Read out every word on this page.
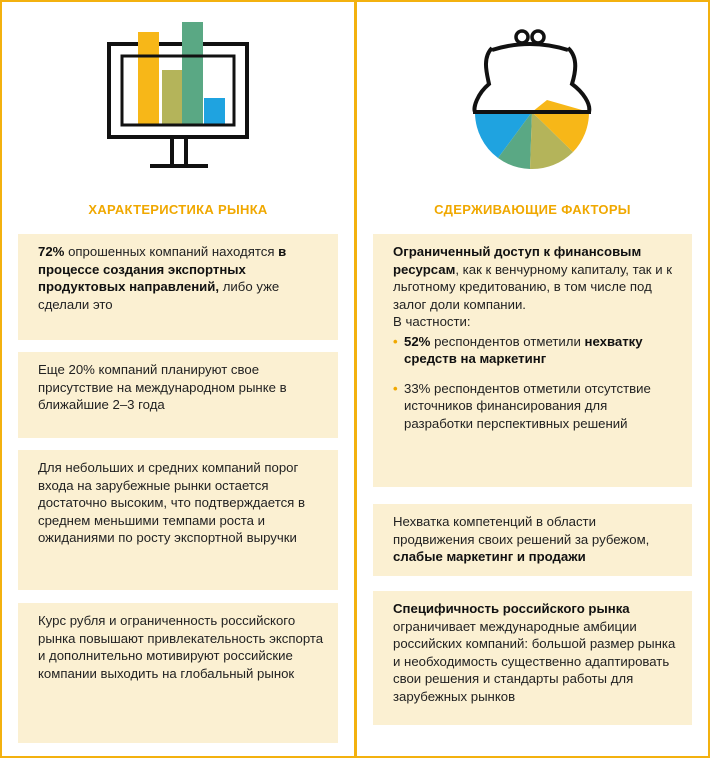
ХАРАКТЕРИСТИКА РЫНКА

72% опрошенных компаний находятся в процессе создания экспортных продуктовых направлений, либо уже сделали это

Еще 20% компаний планируют свое присутствие на международном рынке в ближайшие 2–3 года

Для небольших и средних компаний порог входа на зарубежные рынки остается достаточно высоким, что подтверждается в среднем меньшими темпами роста и ожиданиями по росту экспортной выручки

Курс рубля и ограниченность российского рынка повышают привлекательность экспорта и дополнительно мотивируют российские компании выходить на глобальный рынок

СДЕРЖИВАЮЩИЕ ФАКТОРЫ

Ограниченный доступ к финансовым ресурсам, как к венчурному капиталу, так и к льготному кредитованию, в том числе под залог доли компании.

В частности:

• 52% респондентов отметили нехватку средств на маркетинг
• 33% респондентов отметили отсутствие источников финансирования для разработки перспективных решений

Нехватка компетенций в области продвижения своих решений за рубежом, слабые маркетинг и продажи

Специфичность российского рынка ограничивает международные амбиции российских компаний: большой размер рынка и необходимость существенно адаптировать свои решения и стандарты работы для зарубежных рынков
